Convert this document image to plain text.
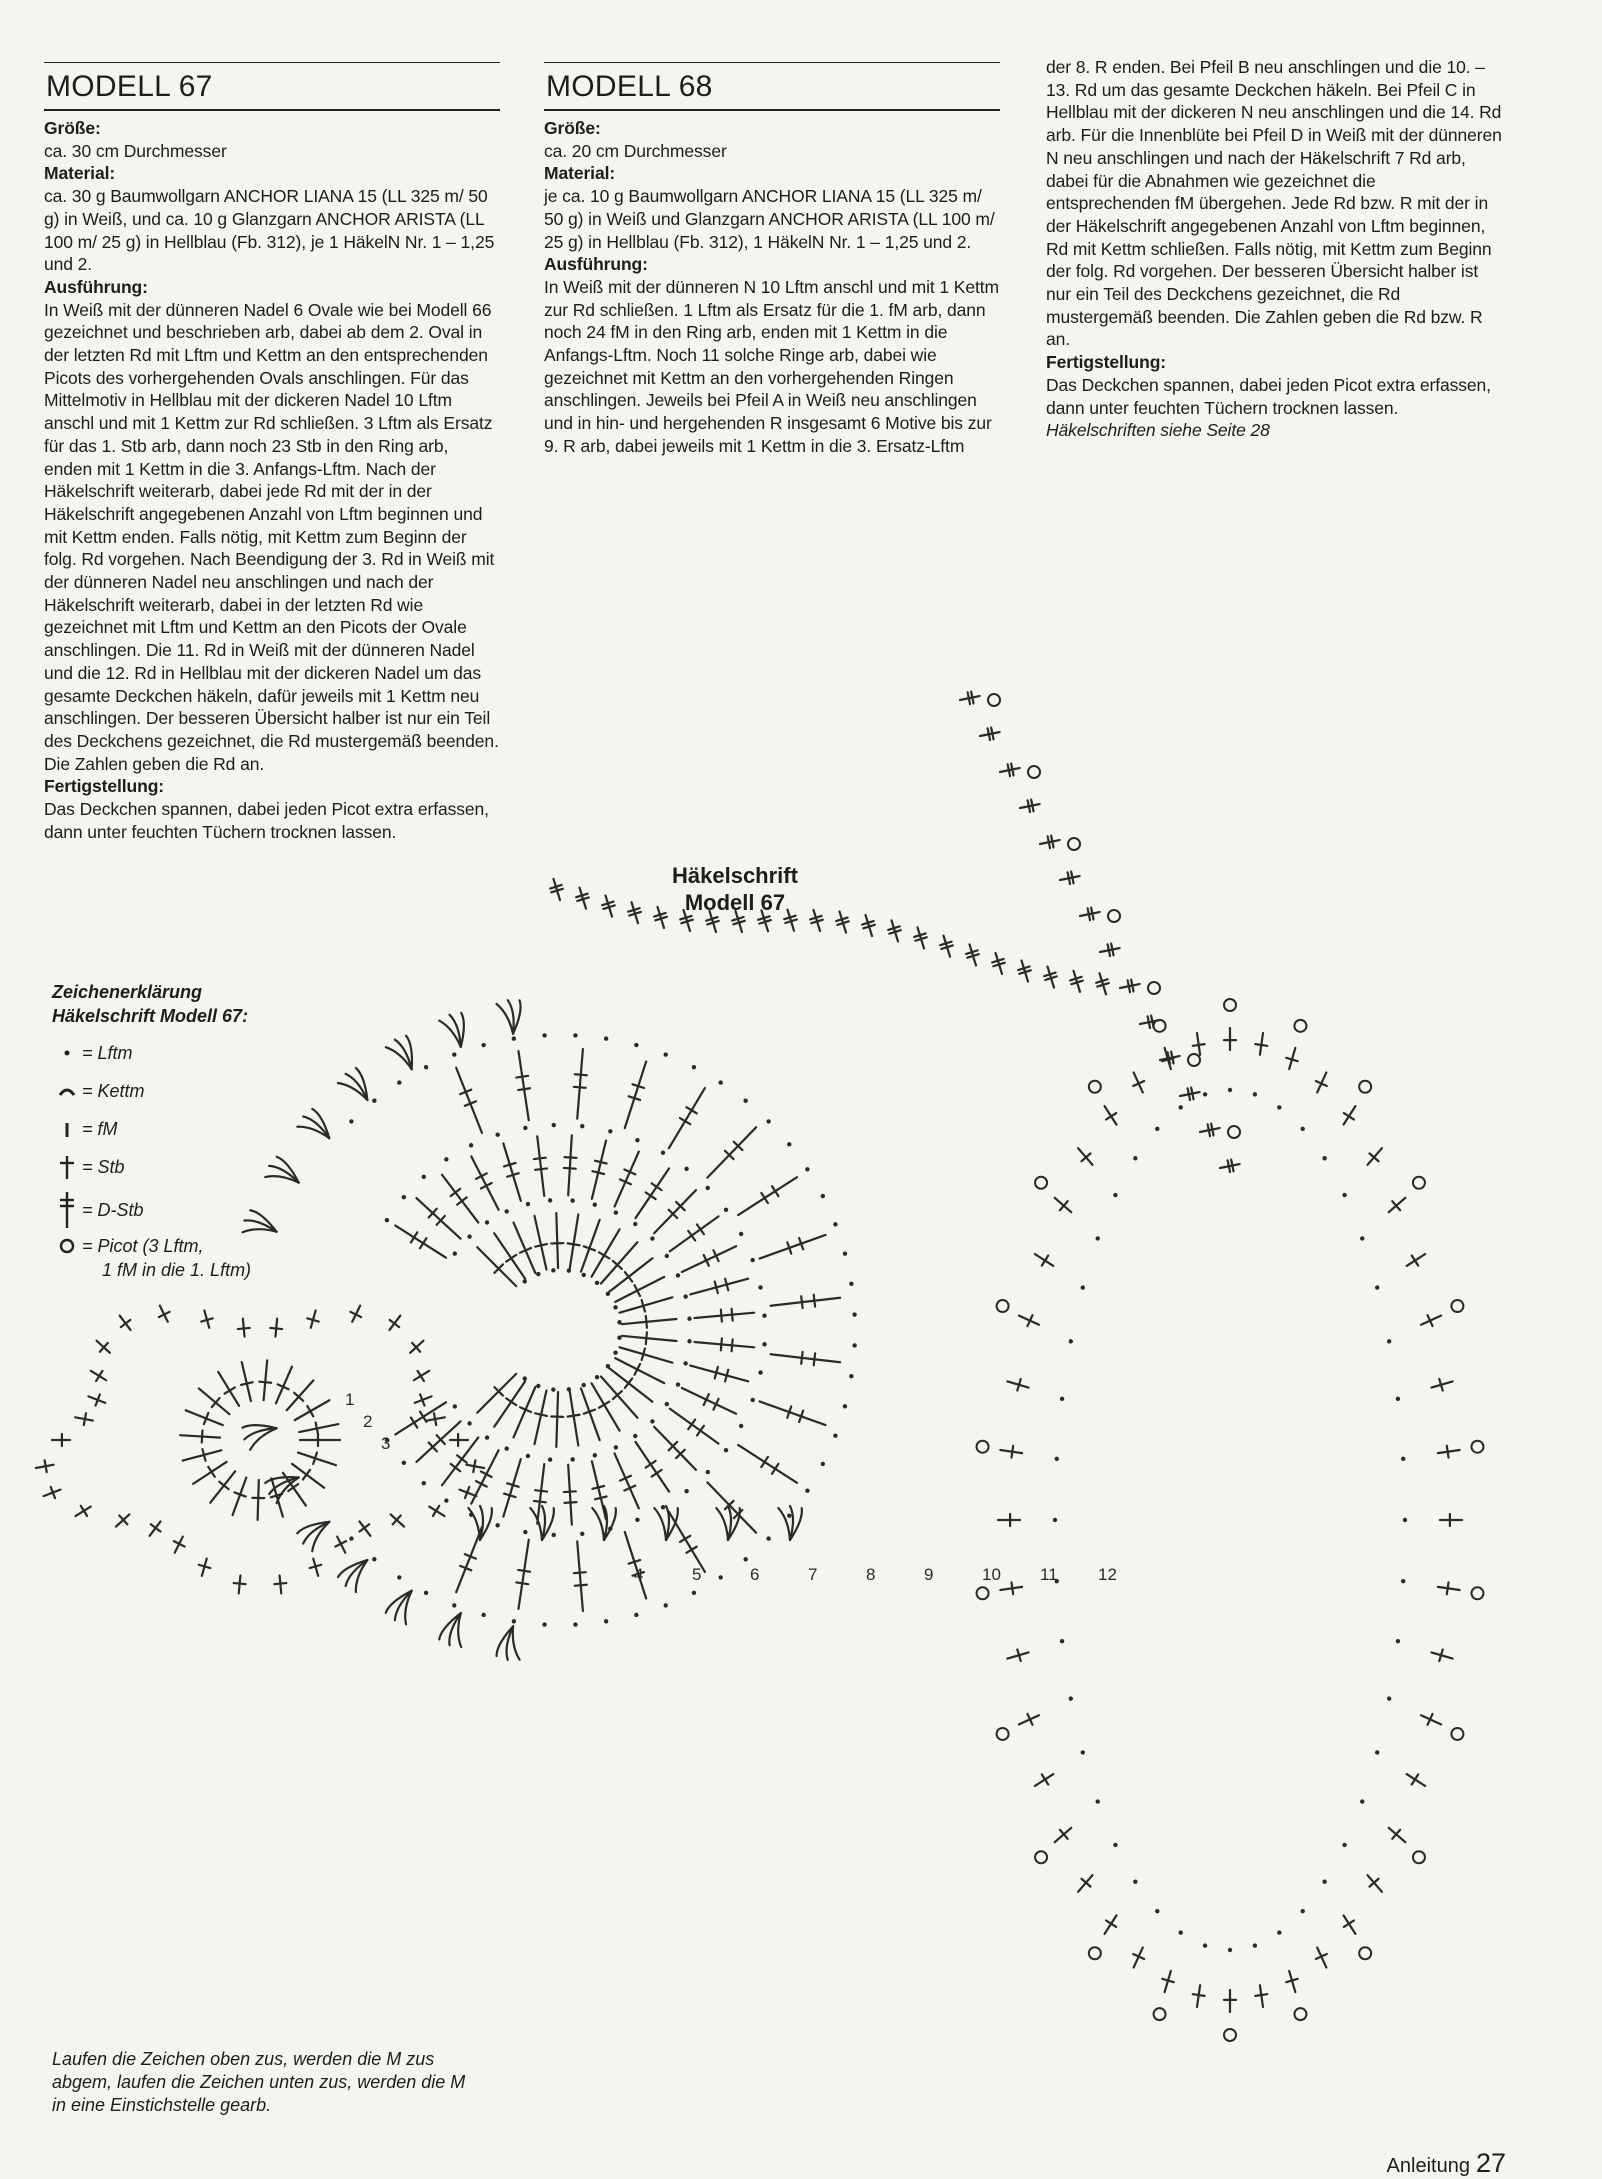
MODELL 67

Größe:

ca. 30 cm Durchmesser

Material:

ca. 30 g Baumwollgarn ANCHOR LIANA 15 (LL 325 m/ 50 g) in Weiß, und ca. 10 g Glanzgarn ANCHOR ARISTA (LL 100 m/ 25 g) in Hellblau (Fb. 312), je 1 HäkelN Nr. 1 – 1,25 und 2.

Ausführung:

In Weiß mit der dünneren Nadel 6 Ovale wie bei Modell 66 gezeichnet und beschrieben arb, dabei ab dem 2. Oval in der letzten Rd mit Lftm und Kettm an den entsprechenden Picots des vorhergehenden Ovals anschlingen. Für das Mittelmotiv in Hellblau mit der dickeren Nadel 10 Lftm anschl und mit 1 Kettm zur Rd schließen. 3 Lftm als Ersatz für das 1. Stb arb, dann noch 23 Stb in den Ring arb, enden mit 1 Kettm in die 3. Anfangs-Lftm. Nach der Häkelschrift weiterarb, dabei jede Rd mit der in der Häkelschrift angegebenen Anzahl von Lftm beginnen und mit Kettm enden. Falls nötig, mit Kettm zum Beginn der folg. Rd vorgehen. Nach Beendigung der 3. Rd in Weiß mit der dünneren Nadel neu anschlingen und nach der Häkelschrift weiterarb, dabei in der letzten Rd wie gezeichnet mit Lftm und Kettm an den Picots der Ovale anschlingen. Die 11. Rd in Weiß mit der dünneren Nadel und die 12. Rd in Hellblau mit der dickeren Nadel um das gesamte Deckchen häkeln, dafür jeweils mit 1 Kettm neu anschlingen. Der besseren Übersicht halber ist nur ein Teil des Deckchens gezeichnet, die Rd mustergemäß beenden. Die Zahlen geben die Rd an.

Fertigstellung:

Das Deckchen spannen, dabei jeden Picot extra erfassen, dann unter feuchten Tüchern trocknen lassen.

MODELL 68

Größe:

ca. 20 cm Durchmesser

Material:

je ca. 10 g Baumwollgarn ANCHOR LIANA 15 (LL 325 m/ 50 g) in Weiß und Glanzgarn ANCHOR ARISTA (LL 100 m/ 25 g) in Hellblau (Fb. 312), 1 HäkelN Nr. 1 – 1,25 und 2.

Ausführung:

In Weiß mit der dünneren N 10 Lftm anschl und mit 1 Kettm zur Rd schließen. 1 Lftm als Ersatz für die 1. fM arb, dann noch 24 fM in den Ring arb, enden mit 1 Kettm in die Anfangs-Lftm. Noch 11 solche Ringe arb, dabei wie gezeichnet mit Kettm an den vorhergehenden Ringen anschlingen. Jeweils bei Pfeil A in Weiß neu anschlingen und in hin- und hergehenden R insgesamt 6 Motive bis zur 9. R arb, dabei jeweils mit 1 Kettm in die 3. Ersatz-Lftm

der 8. R enden. Bei Pfeil B neu anschlingen und die 10. – 13. Rd um das gesamte Deckchen häkeln. Bei Pfeil C in Hellblau mit der dickeren N neu anschlingen und die 14. Rd arb. Für die Innenblüte bei Pfeil D in Weiß mit der dünneren N neu anschlingen und nach der Häkelschrift 7 Rd arb, dabei für die Abnahmen wie gezeichnet die entsprechenden fM übergehen. Jede Rd bzw. R mit der in der Häkelschrift angegebenen Anzahl von Lftm beginnen, Rd mit Kettm schließen. Falls nötig, mit Kettm zum Beginn der folg. Rd vorgehen. Der besseren Übersicht halber ist nur ein Teil des Deckchens gezeichnet, die Rd mustergemäß beenden. Die Zahlen geben die Rd bzw. R an.

Fertigstellung:

Das Deckchen spannen, dabei jeden Picot extra erfassen, dann unter feuchten Tüchern trocknen lassen.

Häkelschriften siehe Seite 28

Häkelschrift
Modell 67
Zeichenerklärung
Häkelschrift Modell 67:
= Lftm
= Kettm
= fM
= Stb
= D-Stb
= Picot (3 Lftm,
1 fM in die 1. Lftm)
1
2
3
4	5	6	7	8	9	10 11 12
Laufen die Zeichen oben zus, werden die M zus abgem, laufen die Zeichen unten zus, werden die M in eine Einstichstelle gearb.
Anleitung 27
